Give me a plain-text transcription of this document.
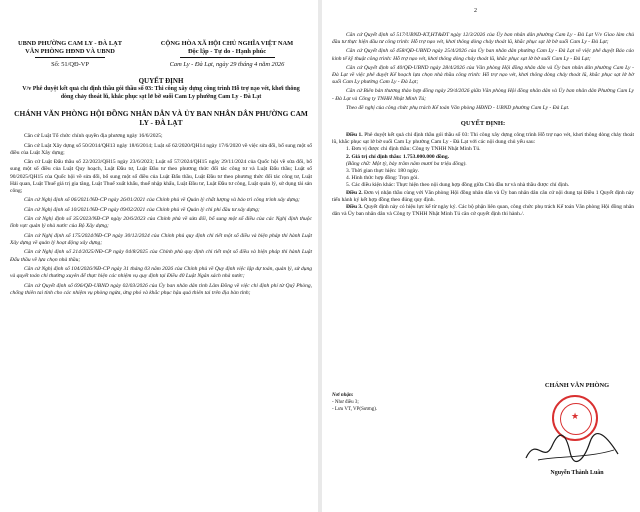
UBND PHƯỜNG CAM LY - ĐÀ LẠT
VĂN PHÒNG HĐND VÀ UBND
Số: 51/QĐ-VP
CỘNG HÒA XÃ HỘI CHỦ NGHĨA VIỆT NAM
Độc lập - Tự do - Hạnh phúc
Cam Ly - Đà Lạt, ngày 29 tháng 4 năm 2026
QUYẾT ĐỊNH
V/v Phê duyệt kết quả chỉ định thầu gói thầu số 03: Thi công xây dựng công trình Hỗ trợ nạo vét, khơi thông dòng chảy thoát lũ, khắc phục sạt lở bờ suối Cam Ly phường Cam Ly - Đà Lạt
CHÁNH VĂN PHÒNG HỘI ĐỒNG NHÂN DÂN VÀ ỦY BAN NHÂN DÂN PHƯỜNG CAM LY - ĐÀ LẠT

Căn cứ Luật Tổ chức chính quyền địa phương ngày 16/6/2025;

Căn cứ Luật Xây dựng số 50/2014/QH13 ngày 18/6/2014; Luật số 62/2020/QH14 ngày 17/6/2020 về việc sửa đổi, bổ sung một số điều của Luật Xây dựng;

Căn cứ Luật Đấu thầu số 22/2023/QH15 ngày 23/6/2023; Luật số 57/2024/QH15 ngày 29/11/2024 của Quốc hội về sửa đổi, bổ sung một số điều của Luật Quy hoạch, Luật Đầu tư, Luật Đầu tư theo phương thức đối tác công tư và Luật Đấu thầu; Luật số 90/2025/QH15 của Quốc hội về sửa đổi, bổ sung một số điều của Luật Đấu thầu, Luật Đầu tư theo phương thức đối tác công tư, Luật Hải quan, Luật Thuế giá trị gia tăng, Luật Thuế xuất khẩu, thuế nhập khẩu, Luật Đầu tư, Luật Đầu tư công, Luật quản lý, sử dụng tài sản công;

Căn cứ Nghị định số 06/2021/NĐ-CP ngày 26/01/2021 của Chính phủ về Quản lý chất lượng và bảo trì công trình xây dựng;

Căn cứ Nghị định số 10/2021/NĐ-CP ngày 09/02/2021 của Chính phủ về Quản lý chi phí đầu tư xây dựng;

Căn cứ Nghị định số 35/2023/NĐ-CP ngày 20/6/2023 của Chính phủ về sửa đổi, bổ sung một số điều của các Nghị định thuộc lĩnh vực quản lý nhà nước của Bộ Xây dựng;

Căn cứ Nghị định số 175/2024/NĐ-CP ngày 30/12/2024 của Chính phủ quy định chi tiết một số điều và biện pháp thi hành Luật Xây dựng về quản lý hoạt động xây dựng;

Căn cứ Nghị định số 214/2025/NĐ-CP ngày 04/8/2025 của Chính phủ quy định chi tiết một số điều và biện pháp thi hành Luật Đấu thầu về lựa chọn nhà thầu;

Căn cứ Nghị định số 104/2026/NĐ-CP ngày 31 tháng 03 năm 2026 của Chính phủ về Quy định việc lập dự toán, quản lý, sử dụng và quyết toán chi thường xuyên để thực hiện các nhiệm vụ quy định tại Điều 40 Luật Ngân sách nhà nước;

Căn cứ Quyết định số 696/QĐ-UBND ngày 02/03/2026 của Ủy ban nhân dân tỉnh Lâm Đồng về việc chỉ định phí từ Quỹ Phòng, chống thiên tai tỉnh cho các nhiệm vụ phòng ngừa, ứng phó và khắc phục hậu quả thiên tai trên địa bàn tỉnh;

2

Căn cứ Quyết định số 517/UBND-KT,HT&ĐT ngày 12/3/2026 của Ủy ban nhân dân phường Cam Ly - Đà Lạt V/v Giao làm chủ đầu tư thực hiện dầu tư công trình: Hỗ trợ nạo vét, khơi thông dòng chảy thoát lũ, khắc phục sạt lở bờ suối Cam Ly - Đà Lạt;

Căn cứ Quyết định số 458/QĐ-UBND ngày 25/4/2026 của Ủy ban nhân dân phường Cam Ly - Đà Lạt về việc phê duyệt Báo cáo kinh tế kỹ thuật công trình: Hỗ trợ nạo vét, khơi thông dòng chảy thoát lũ, khắc phục sạt lở bờ suối Cam Ly - Đà Lạt;

Căn cứ Quyết định số 40/QĐ-UBND ngày 28/4/2026 của Văn phòng Hội đồng nhân dân và Ủy ban nhân dân phường Cam Ly - Đà Lạt về việc phê duyệt Kế hoạch lựa chọn nhà thầu công trình: Hỗ trợ nạo vét, khơi thông dòng chảy thoát lũ, khắc phục sạt lở bờ suối Cam Ly phường Cam Ly - Đà Lạt;

Căn cứ Biên bản thương thảo hợp đồng ngày 29/4/2026 giữa Văn phòng Hội đồng nhân dân và Ủy ban nhân dân Phường Cam Ly - Đà Lạt và Công ty TNHH Nhật Minh Tú;

Theo đề nghị của công chức phụ trách Kế toán Văn phòng HĐND - UBND phường Cam Ly - Đà Lạt.

QUYẾT ĐỊNH:

Điều 1. Phê duyệt kết quả chỉ định thầu gói thầu số 03: Thi công xây dựng công trình Hỗ trợ nạo vét, khơi thông dòng chảy thoát lũ, khắc phục sạt lở bờ suối Cam Ly phường Cam Ly - Đà Lạt với các nội dung chủ yếu sau:

1. Đơn vị được chỉ định thầu: Công ty TNHH Nhật Minh Tú.

2. Giá trị chỉ định thầu: 1.753.000.000 đồng.

(Bằng chữ: Một tỷ, bảy trăm năm mươi ba triệu đồng).

3. Thời gian thực hiện: 180 ngày.

4. Hình thức hợp đồng: Trọn gói.

5. Các điều kiện khác: Thực hiện theo nội dung hợp đồng giữa Chủ đầu tư và nhà thầu được chỉ định.

Điều 2. Đơn vị nhận thầu cùng với Văn phòng Hội đồng nhân dân và Ủy ban nhân dân căn cứ nội dung tại Điều 1 Quyết định này tiến hành ký kết hợp đồng theo đúng quy định.

Điều 3. Quyết định này có hiệu lực kể từ ngày ký. Các bộ phận liên quan, công chức phụ trách Kế toán Văn phòng Hội đồng nhân dân và Ủy ban nhân dân và Công ty TNHH Nhật Minh Tú căn cứ quyết định thi hành./.

CHÁNH VĂN PHÒNG
Nơi nhận:
- Như điều 3;
- Lưu VT, VP(Sương).
★
Nguyễn Thành Luân
